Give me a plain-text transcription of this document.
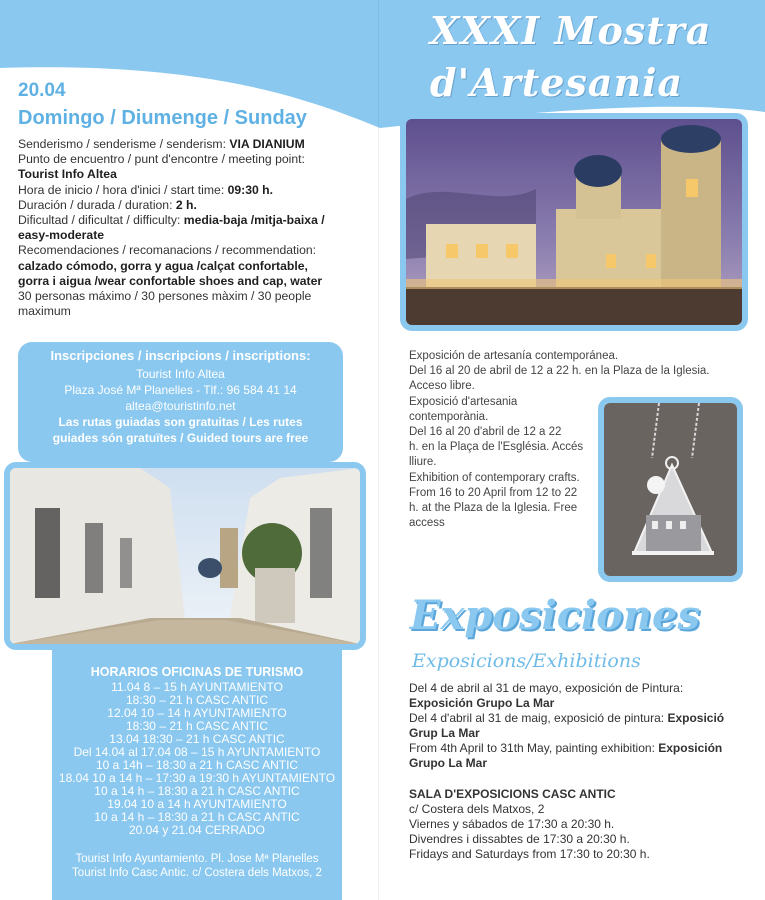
XXXI Mostra
d'Artesania
20.04
Domingo / Diumenge / Sunday
Senderismo / senderisme / senderism: VIA DIANIUM
Punto de encuentro / punt d'encontre / meeting point:
Tourist Info Altea
Hora de inicio / hora d'inici / start time: 09:30 h.
Duración / durada / duration: 2 h.
Dificultad / dificultat / difficulty: media-baja /mitja-baixa /
easy-moderate
Recomendaciones / recomanacions / recommendation:
calzado cómodo, gorra y agua /calçat confortable,
gorra i aigua /wear confortable shoes and cap, water
30 personas máximo / 30 persones màxim / 30 people
maximum
Inscripciones / inscripcions / inscriptions:
Tourist Info Altea
Plaza José Mª Planelles - Tlf.: 96 584 41 14
altea@touristinfo.net
Las rutas guiadas son gratuitas / Les rutes
guiades són gratuïtes / Guided tours are free
HORARIOS OFICINAS DE TURISMO
11.04 8 – 15 h AYUNTAMIENTO
18:30 – 21 h CASC ANTIC
12.04 10 – 14 h AYUNTAMIENTO
18:30 – 21 h CASC ANTIC
13.04 18:30 – 21 h CASC ANTIC
Del 14.04 al 17.04 08 – 15 h AYUNTAMIENTO
10 a 14h – 18:30 a 21 h CASC ANTIC
18.04 10 a 14 h – 17:30 a 19:30 h AYUNTAMIENTO
10 a 14 h – 18:30 a 21 h CASC ANTIC
19.04 10 a 14 h AYUNTAMIENTO
10 a 14 h – 18:30 a 21 h CASC ANTIC
20.04 y 21.04 CERRADO
Tourist Info Ayuntamiento. Pl. Jose Mª Planelles
Tourist Info Casc Antic. c/ Costera dels Matxos, 2
Exposición de artesanía contemporánea.
Del 16 al 20 de abril de 12 a 22 h. en la Plaza de la Iglesia.
Acceso libre.
Exposició d'artesania
contemporània.
Del 16 al 20 d'abril de 12 a 22
h. en la Plaça de l'Església. Accés
lliure.
Exhibition of contemporary crafts.
From 16 to 20 April from 12 to 22
h. at the Plaza de la Iglesia. Free
access
Exposiciones
Exposicions/Exhibitions
Del 4 de abril al 31 de mayo, exposición de Pintura:
Exposición Grupo La Mar
Del 4 d'abril al 31 de maig, exposició de pintura: Exposició
Grup La Mar
From 4th April to 31th May, painting exhibition: Exposición
Grupo La Mar
SALA D'EXPOSICIONS CASC ANTIC
c/ Costera dels Matxos, 2
Viernes y sábados de 17:30 a 20:30 h.
Divendres i dissabtes de 17:30 a 20:30 h.
Fridays and Saturdays from 17:30 to 20:30 h.
